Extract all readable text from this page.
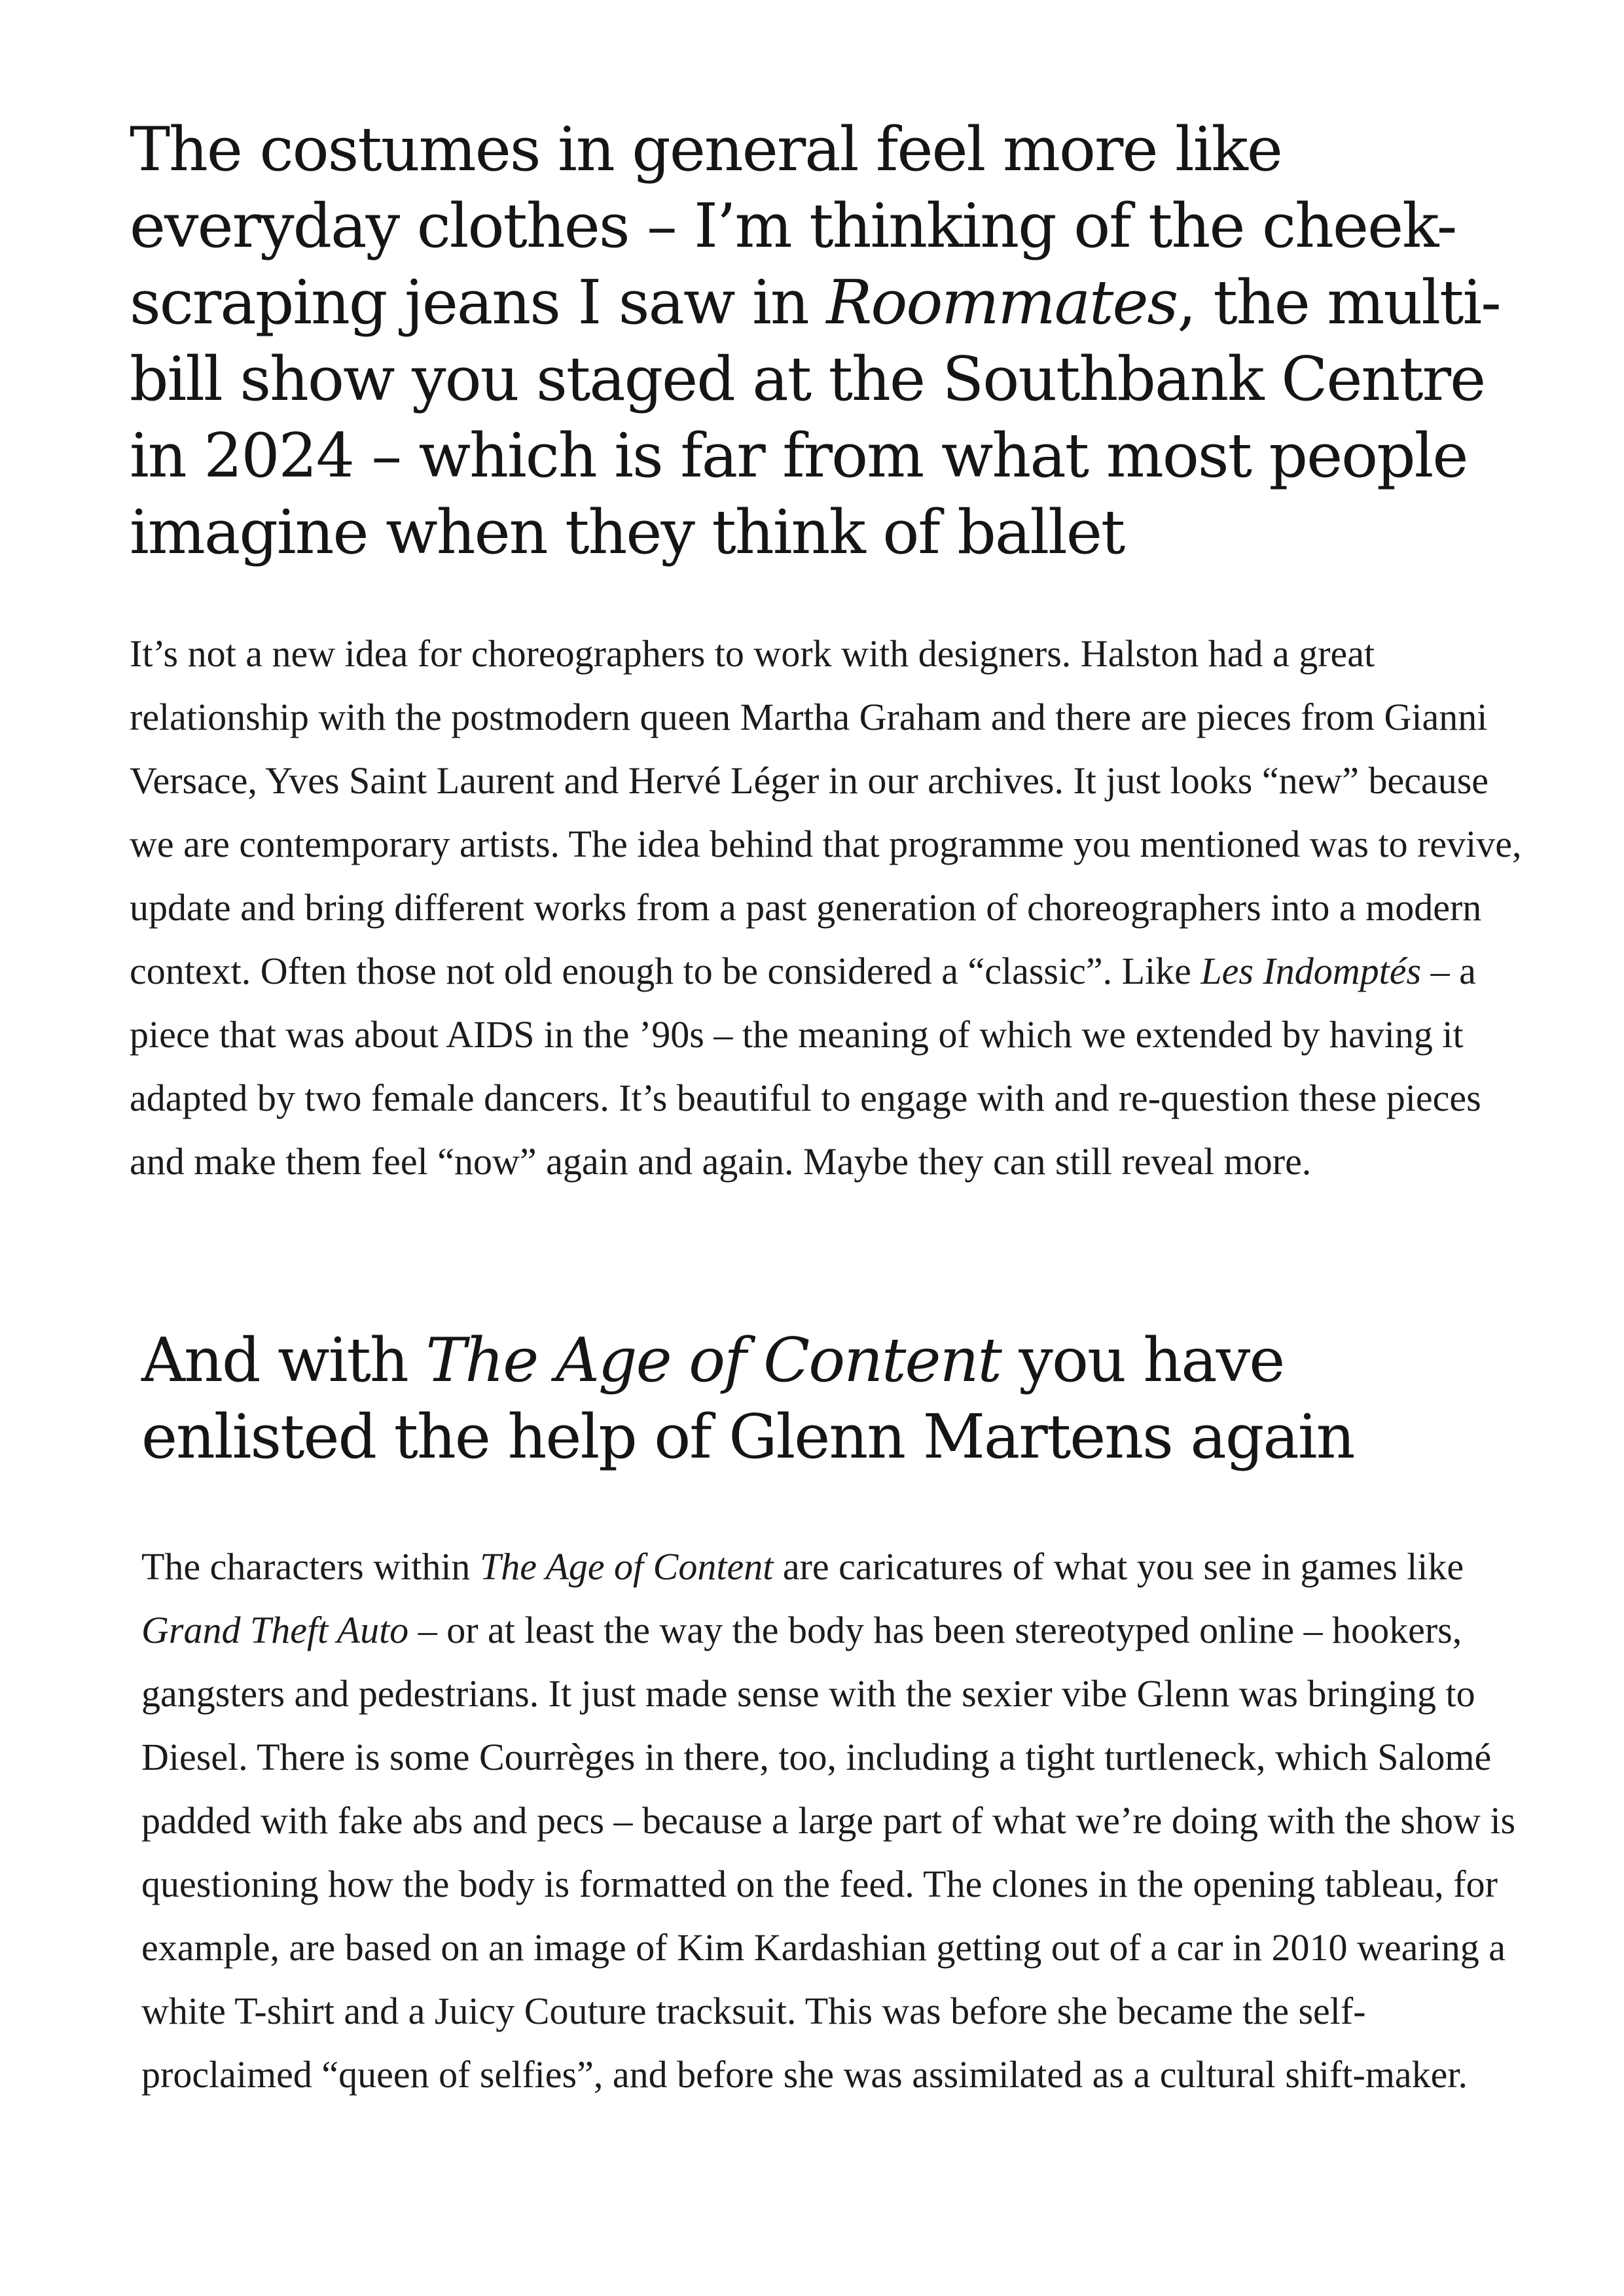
The costumes in general feel more like everyday clothes – I’m thinking of the cheek-scraping jeans I saw in Roommates, the multi-bill show you staged at the Southbank Centre in 2024 – which is far from what most people imagine when they think of ballet

It’s not a new idea for choreographers to work with designers. Halston had a great relationship with the postmodern queen Martha Graham and there are pieces from Gianni Versace, Yves Saint Laurent and Hervé Léger in our archives. It just looks “new” because we are contemporary artists. The idea behind that programme you mentioned was to revive, update and bring different works from a past generation of choreographers into a modern context. Often those not old enough to be considered a “classic”. Like Les Indomptés – a piece that was about AIDS in the ’90s – the meaning of which we extended by having it adapted by two female dancers. It’s beautiful to engage with and re-question these pieces and make them feel “now” again and again. Maybe they can still reveal more.

And with The Age of Content you have enlisted the help of Glenn Martens again

The characters within The Age of Content are caricatures of what you see in games like Grand Theft Auto – or at least the way the body has been stereotyped online – hookers, gangsters and pedestrians. It just made sense with the sexier vibe Glenn was bringing to Diesel. There is some Courrèges in there, too, including a tight turtleneck, which Salomé padded with fake abs and pecs – because a large part of what we’re doing with the show is questioning how the body is formatted on the feed. The clones in the opening tableau, for example, are based on an image of Kim Kardashian getting out of a car in 2010 wearing a white T-shirt and a Juicy Couture tracksuit. This was before she became the self-proclaimed “queen of selfies”, and before she was assimilated as a cultural shift-maker.
